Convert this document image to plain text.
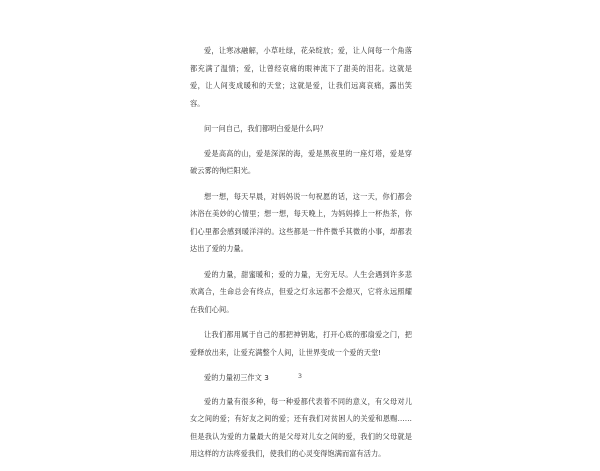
爱，让寒冰融解，小草吐绿，花朵绽放；爱，让人间每一个角落都充满了温情；爱，让曾经哀痛的眼神流下了甜美的泪花。这就是爱，让人间变成暖和的天堂；这就是爱，让我们远离哀痛，露出笑容。

问一问自己，我们都明白爱是什么吗？

爱是高高的山，爱是深深的海，爱是黑夜里的一座灯塔，爱是穿破云雾的徇烂阳光。

想一想，每天早晨，对妈妈说一句祝愿的话，这一天，你们都会沐浴在美妙的心情里；想一想，每天晚上，为妈妈捧上一杯热茶，你们心里都会感到暖洋洋的。这些都是一件件微乎其微的小事，却都表达出了爱的力量。

爱的力量，甜蜜暖和；爱的力量，无穷无尽。人生会遇到许多悲欢离合，生命总会有终点，但爱之灯永远都不会熄灭，它将永远照耀在我们心间。

让我们都用属于自己的那把神钥匙，打开心底的那扇爱之门，把爱释放出来，让爱充满整个人间，让世界变成一个爱的天堂!

爱的力量初三作文 3

爱的力量有很多种，每一种爱都代表着不同的意义，有父母对儿女之间的爱；有好友之间的爱；还有我们对贫困人的关爱和恩赐……但是我认为爱的力量最大的是父母对儿女之间的爱，我们的父母就是用这样的方法疼爱我们，使我们的心灵变得饱满而富有活力。

3
